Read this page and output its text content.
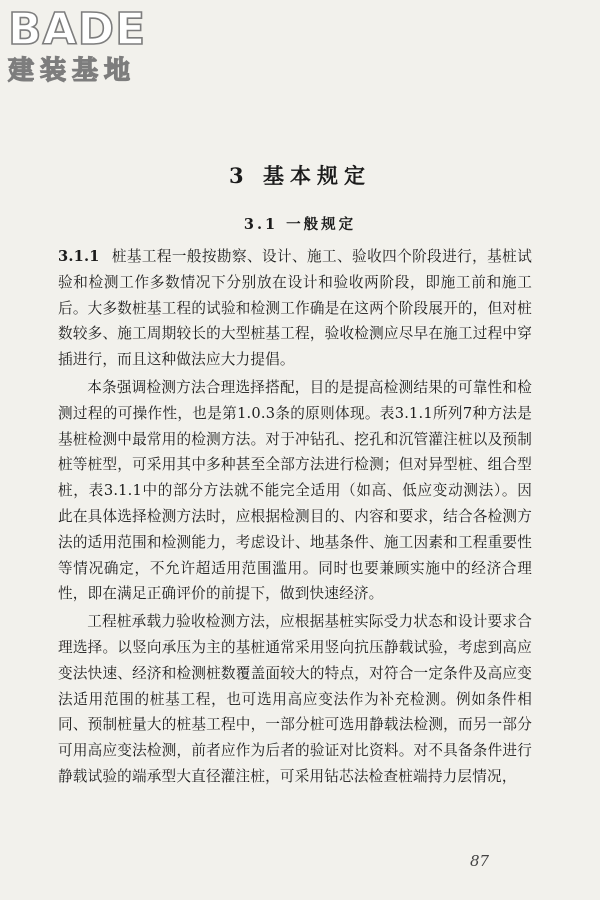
BADE
建装基地
3 基本规定
3.1 一般规定

3.1.1 桩基工程一般按勘察、设计、施工、验收四个阶段进行，基桩试验和检测工作多数情况下分别放在设计和验收两阶段，即施工前和施工后。大多数桩基工程的试验和检测工作确是在这两个阶段展开的，但对桩数较多、施工周期较长的大型桩基工程，验收检测应尽早在施工过程中穿插进行，而且这种做法应大力提倡。

本条强调检测方法合理选择搭配，目的是提高检测结果的可靠性和检测过程的可操作性，也是第1.0.3条的原则体现。表3.1.1所列7种方法是基桩检测中最常用的检测方法。对于冲钻孔、挖孔和沉管灌注桩以及预制桩等桩型，可采用其中多种甚至全部方法进行检测；但对异型桩、组合型桩，表3.1.1中的部分方法就不能完全适用（如高、低应变动测法）。因此在具体选择检测方法时，应根据检测目的、内容和要求，结合各检测方法的适用范围和检测能力，考虑设计、地基条件、施工因素和工程重要性等情况确定，不允许超适用范围滥用。同时也要兼顾实施中的经济合理性，即在满足正确评价的前提下，做到快速经济。

工程桩承载力验收检测方法，应根据基桩实际受力状态和设计要求合理选择。以竖向承压为主的基桩通常采用竖向抗压静载试验，考虑到高应变法快速、经济和检测桩数覆盖面较大的特点，对符合一定条件及高应变法适用范围的桩基工程，也可选用高应变法作为补充检测。例如条件相同、预制桩量大的桩基工程中，一部分桩可选用静载法检测，而另一部分可用高应变法检测，前者应作为后者的验证对比资料。对不具备条件进行静载试验的端承型大直径灌注桩，可采用钻芯法检查桩端持力层情况，

87
